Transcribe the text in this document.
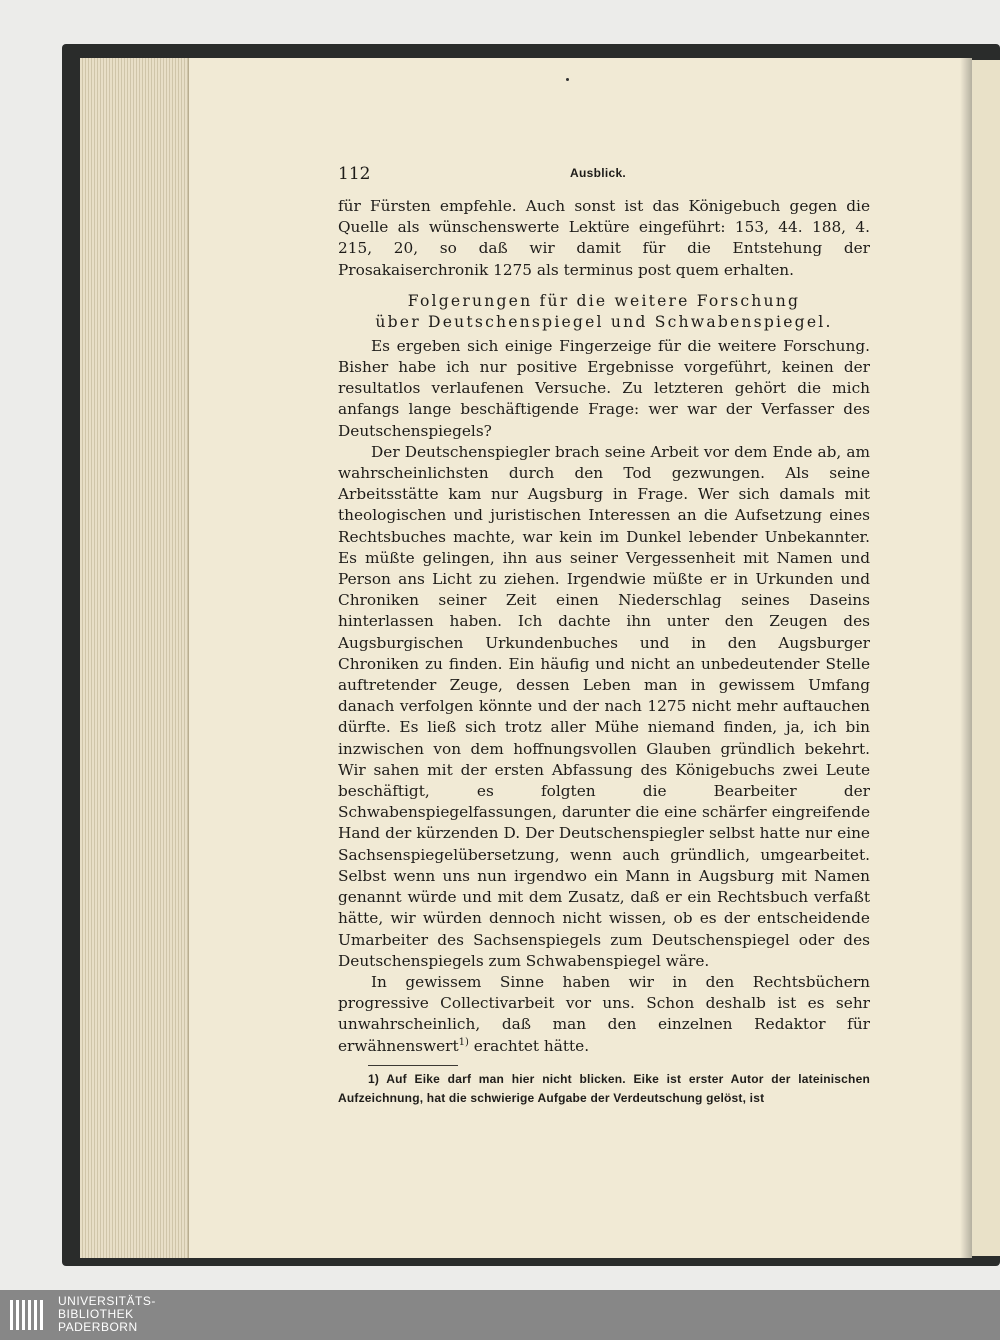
112	Ausblick.

für Fürsten empfehle. Auch sonst ist das Königebuch gegen die Quelle als wünschenswerte Lektüre eingeführt: 153, 44. 188, 4. 215, 20, so daß wir damit für die Entstehung der Prosakaiserchronik 1275 als terminus post quem erhalten.

Folgerungen für die weitere Forschung
über Deutschenspiegel und Schwabenspiegel.

Es ergeben sich einige Fingerzeige für die weitere Forschung. Bisher habe ich nur positive Ergebnisse vorgeführt, keinen der resultatlos verlaufenen Versuche. Zu letzteren gehört die mich anfangs lange beschäftigende Frage: wer war der Verfasser des Deutschenspiegels?

Der Deutschenspiegler brach seine Arbeit vor dem Ende ab, am wahrscheinlichsten durch den Tod gezwungen. Als seine Arbeitsstätte kam nur Augsburg in Frage. Wer sich damals mit theologischen und juristischen Interessen an die Aufsetzung eines Rechtsbuches machte, war kein im Dunkel lebender Unbekannter. Es müßte gelingen, ihn aus seiner Vergessenheit mit Namen und Person ans Licht zu ziehen. Irgendwie müßte er in Urkunden und Chroniken seiner Zeit einen Niederschlag seines Daseins hinterlassen haben. Ich dachte ihn unter den Zeugen des Augsburgischen Urkundenbuches und in den Augsburger Chroniken zu finden. Ein häufig und nicht an unbedeutender Stelle auftretender Zeuge, dessen Leben man in gewissem Umfang danach verfolgen könnte und der nach 1275 nicht mehr auftauchen dürfte. Es ließ sich trotz aller Mühe niemand finden, ja, ich bin inzwischen von dem hoffnungsvollen Glauben gründlich bekehrt. Wir sahen mit der ersten Abfassung des Königebuchs zwei Leute beschäftigt, es folgten die Bearbeiter der Schwabenspiegelfassungen, darunter die eine schärfer eingreifende Hand der kürzenden D. Der Deutschenspiegler selbst hatte nur eine Sachsenspiegelübersetzung, wenn auch gründlich, umgearbeitet. Selbst wenn uns nun irgendwo ein Mann in Augsburg mit Namen genannt würde und mit dem Zusatz, daß er ein Rechtsbuch verfaßt hätte, wir würden dennoch nicht wissen, ob es der entscheidende Umarbeiter des Sachsenspiegels zum Deutschenspiegel oder des Deutschenspiegels zum Schwabenspiegel wäre.

In gewissem Sinne haben wir in den Rechtsbüchern progressive Collectivarbeit vor uns. Schon deshalb ist es sehr unwahrscheinlich, daß man den einzelnen Redaktor für erwähnenswert$^{1)}$ erachtet hätte.

1) Auf Eike darf man hier nicht blicken. Eike ist erster Autor der lateinischen Aufzeichnung, hat die schwierige Aufgabe der Verdeutschung gelöst, ist

UNIVERSITÄTS-
BIBLIOTHEK
PADERBORN
